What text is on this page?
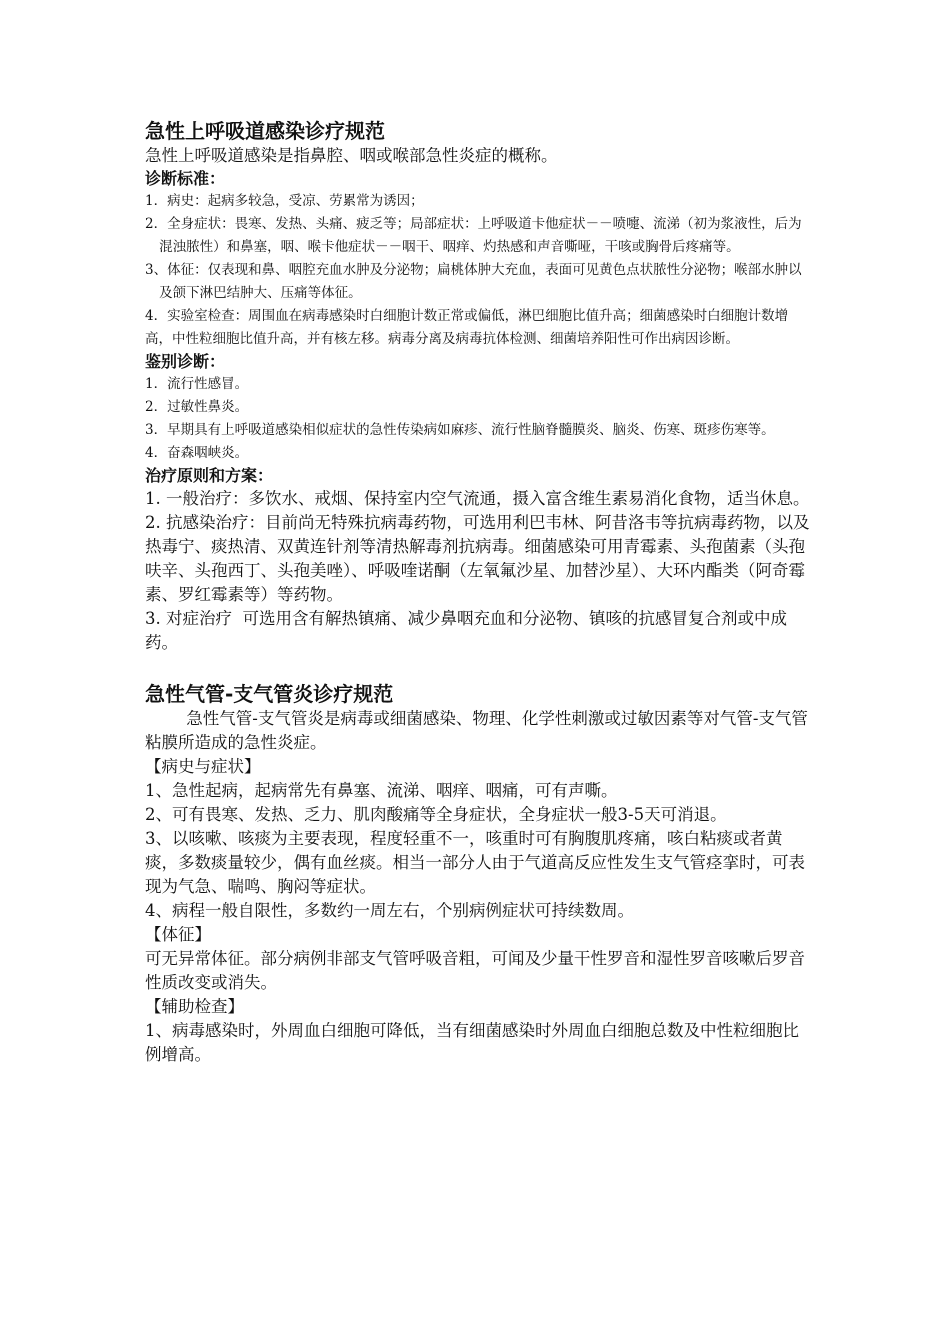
急性上呼吸道感染诊疗规范

急性上呼吸道感染是指鼻腔、咽或喉部急性炎症的概称。

诊断标准：

1．病史：起病多较急，受凉、劳累常为诱因；

2．全身症状：畏寒、发热、头痛、疲乏等；局部症状：上呼吸道卡他症状－－喷嚏、流涕（初为浆液性，后为混浊脓性）和鼻塞，咽、喉卡他症状－－咽干、咽痒、灼热感和声音嘶哑，干咳或胸骨后疼痛等。

3、体征：仅表现和鼻、咽腔充血水肿及分泌物；扁桃体肿大充血，表面可见黄色点状脓性分泌物；喉部水肿以及颌下淋巴结肿大、压痛等体征。

4．实验室检查：周围血在病毒感染时白细胞计数正常或偏低，淋巴细胞比值升高；细菌感染时白细胞计数增高，中性粒细胞比值升高，并有核左移。病毒分离及病毒抗体检测、细菌培养阳性可作出病因诊断。

鉴别诊断：

1．流行性感冒。

2．过敏性鼻炎。

3．早期具有上呼吸道感染相似症状的急性传染病如麻疹、流行性脑脊髓膜炎、脑炎、伤寒、斑疹伤寒等。

4．奋森咽峡炎。

治疗原则和方案：

1. 一般治疗：多饮水、戒烟、保持室内空气流通，摄入富含维生素易消化食物，适当休息。

2. 抗感染治疗：目前尚无特殊抗病毒药物，可选用利巴韦林、阿昔洛韦等抗病毒药物，以及热毒宁、痰热清、双黄连针剂等清热解毒剂抗病毒。细菌感染可用青霉素、头孢菌素（头孢呋辛、头孢西丁、头孢美唑）、呼吸喹诺酮（左氧氟沙星、加替沙星）、大环内酯类（阿奇霉素、罗红霉素等）等药物。

3. 对症治疗  可选用含有解热镇痛、减少鼻咽充血和分泌物、镇咳的抗感冒复合剂或中成药。

急性气管-支气管炎诊疗规范

急性气管-支气管炎是病毒或细菌感染、物理、化学性刺激或过敏因素等对气管-支气管粘膜所造成的急性炎症。

【病史与症状】

1、急性起病，起病常先有鼻塞、流涕、咽痒、咽痛，可有声嘶。

2、可有畏寒、发热、乏力、肌肉酸痛等全身症状，全身症状一般3-5天可消退。

3、以咳嗽、咳痰为主要表现，程度轻重不一，咳重时可有胸腹肌疼痛，咳白粘痰或者黄痰，多数痰量较少，偶有血丝痰。相当一部分人由于气道高反应性发生支气管痉挛时，可表现为气急、喘鸣、胸闷等症状。

4、病程一般自限性，多数约一周左右，个别病例症状可持续数周。

【体征】

可无异常体征。部分病例非部支气管呼吸音粗，可闻及少量干性罗音和湿性罗音咳嗽后罗音性质改变或消失。

【辅助检查】

1、病毒感染时，外周血白细胞可降低，当有细菌感染时外周血白细胞总数及中性粒细胞比例增高。
